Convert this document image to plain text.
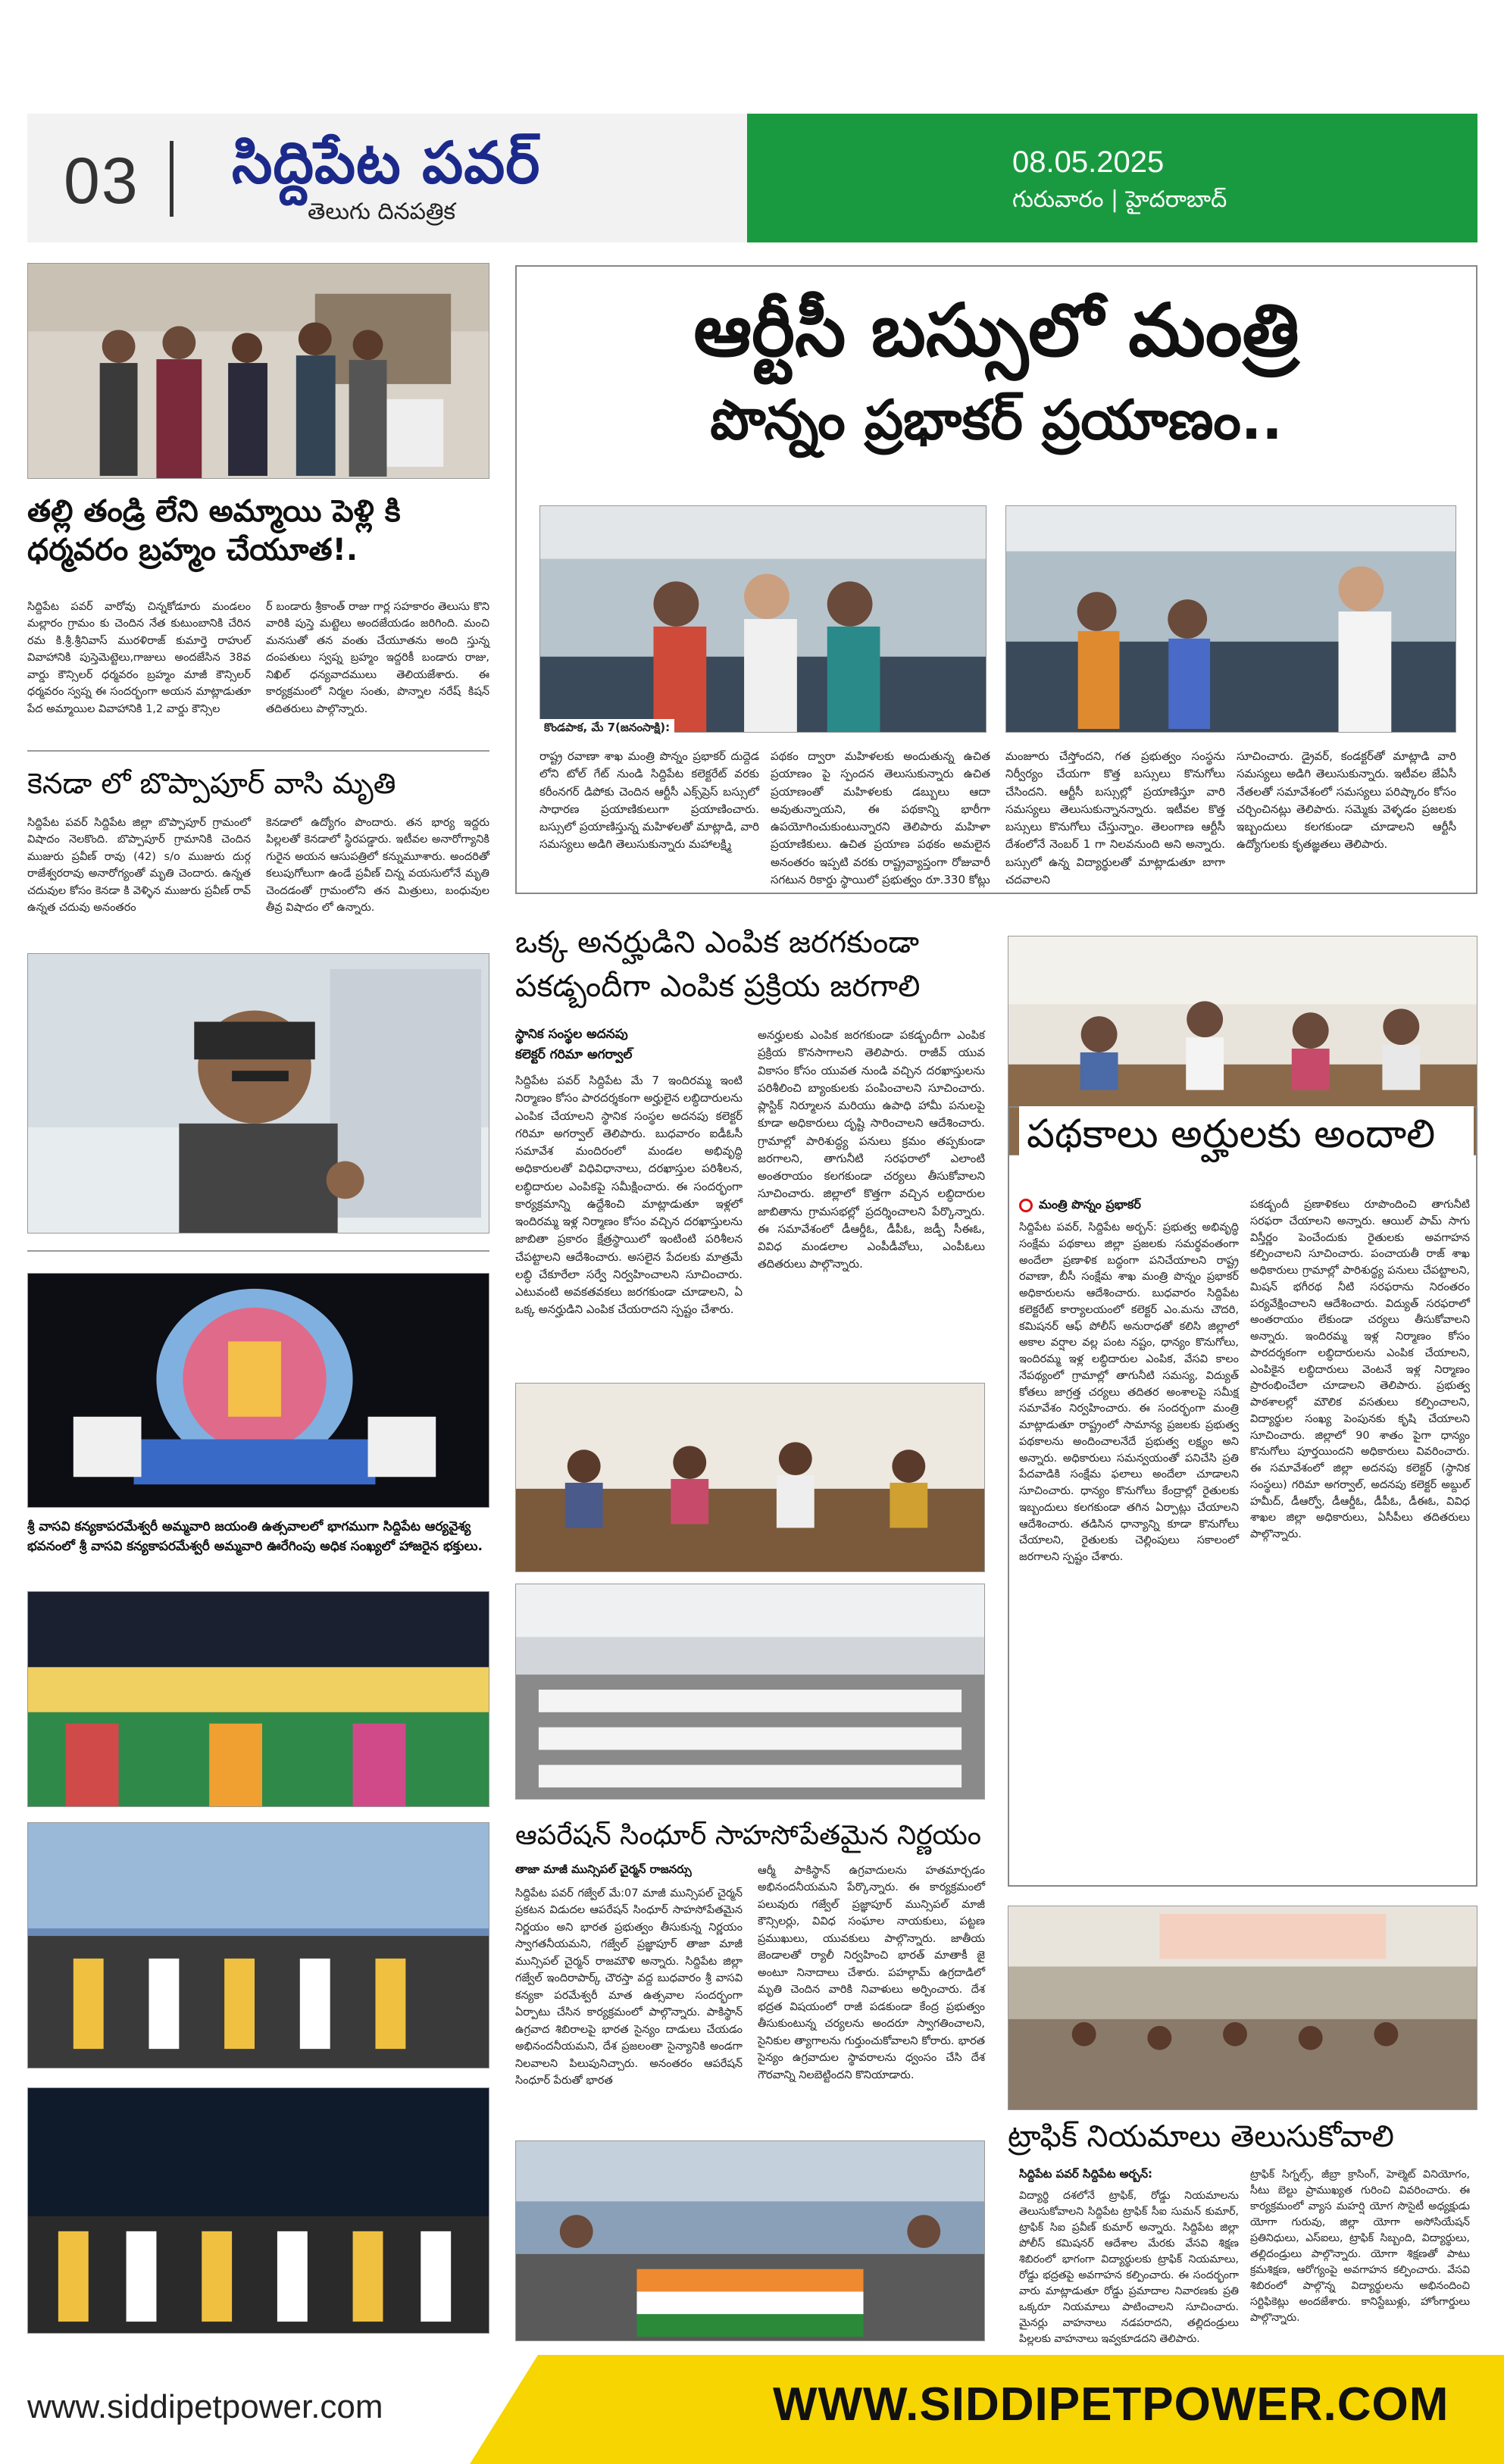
03 సిద్దిపేట పవర్
తెలుగు దినపత్రిక
08.05.2025
గురువారం | హైదరాబాద్
తల్లి తండ్రి లేని అమ్మాయి పెళ్లి కి ధర్మవరం బ్రహ్మం చేయూత!.
సిద్దిపేట పవర్ వారోవు చిన్నకోడూరు మండలం మల్లారం గ్రామం కు చెందిన నేత కుటుంబానికి చేరిన రమ కి.శ్రీ.శ్రీనివాస్ మురళిరాజ్ కుమార్తె రాహుల్ వివాహానికి పుస్తెమెట్టెలు,గాజులు అందజేసిన 38వ వార్డు కౌన్సిలర్ ధర్మవరం బ్రహ్మం మాజీ కౌన్సిలర్ ధర్మవరం స్వప్న ఈ సందర్భంగా అయన మాట్లాడుతూ పేద అమ్మాయిల వివాహానికి 1,2 వార్డు కౌన్సిల
ర్ బండారు శ్రీకాంత్ రాజు గార్ల సహకారం తెలుసు కొని వారికి పుస్తె మట్టెలు అందజేయడం జరిగింది. మంచి మనసుతో తన వంతు చేయూతను అంది స్తున్న దంపతులు స్వప్న బ్రహ్మం ఇద్దరికీ బండారు రాజు, నిఖిల్ ధన్యవాదములు తెలియజేశారు. ఈ కార్యక్రమంలో నిర్మల సంతు, పొన్నాల నరేష్ కిషన్ తదితరులు పాల్గొన్నారు.
కెనడా లో బొప్పాపూర్ వాసి మృతి
సిద్దిపేట పవర్ సిద్దిపేట జిల్లా బొప్పాపూర్ గ్రామంలో విషాదం నెలకొంది. బొప్పాపూర్ గ్రామానికి చెందిన ముజురు ప్రవీణ్ రావు (42) s/o ముజురు దుర్గ రాజేశ్వరరావు అనారోగ్యంతో మృతి చెందారు. ఉన్నత చదువుల కోసం కెనడా కి వెళ్ళిన ముజురు ప్రవీణ్ రావ్ ఉన్నత చదువు అనంతరం
కెనడాలో ఉద్యోగం పొందారు. తన భార్య ఇద్దరు పిల్లలతో కెనడాలో స్థిరపడ్డారు. ఇటీవల అనారోగ్యానికి గురైన అయన ఆసుపత్రిలో కన్నుమూశారు. అందరితో కలుపుగోలుగా ఉండే ప్రవీణ్ చిన్న వయసులోనే మృతి చెందడంతో గ్రామంలోని తన మిత్రులు, బంధువుల తీవ్ర విషాదం లో ఉన్నారు.
శ్రీ వాసవి కన్యకాపరమేశ్వరీ అమ్మవారి జయంతి ఉత్సవాలలో భాగముగా సిద్దిపేట ఆర్యవైశ్య భవనంలో శ్రీ వాసవి కన్యకాపరమేశ్వరీ అమ్మవారి ఊరేగింపు అధిక సంఖ్యలో హాజరైన భక్తులు.
ఆర్టీసీ బస్సులో మంత్రి
పొన్నం ప్రభాకర్ ప్రయాణం..
కొండపాక, మే 7(జనంసాక్షి):
రాష్ట్ర రవాణా శాఖ మంత్రి పొన్నం ప్రభాకర్ దుద్దెడ లోని టోల్ గేట్ నుండి సిద్దిపేట కలెక్టరేట్ వరకు కరీంనగర్ డిపోకు చెందిన ఆర్టీసీ ఎక్స్‌ప్రెస్ బస్సులో సాధారణ ప్రయాణికులుగా ప్రయాణించారు. బస్సులో ప్రయాణిస్తున్న మహిళలతో మాట్లాడి, వారి సమస్యలు అడిగి తెలుసుకున్నారు మహాలక్ష్మి
పథకం ద్వారా మహిళలకు అందుతున్న ఉచిత ప్రయాణం పై స్పందన తెలుసుకున్నారు ఉచిత ప్రయాణంతో మహిళలకు డబ్బులు ఆదా అవుతున్నాయని, ఈ పథకాన్ని భారీగా ఉపయోగించుకుంటున్నారని తెలిపారు మహిళా ప్రయాణికులు. ఉచిత ప్రయాణ పథకం అమలైన అనంతరం ఇప్పటి వరకు రాష్ట్రవ్యాప్తంగా రోజువారీ సగటున రికార్డు స్థాయిలో ప్రభుత్వం రూ.330 కోట్లు
మంజూరు చేస్తోందని, గత ప్రభుత్వం సంస్థను నిర్వీర్యం చేయగా కొత్త బస్సులు కొనుగోలు చేసిందని. ఆర్టీసీ బస్సుల్లో ప్రయాణిస్తూ వారి సమస్యలు తెలుసుకున్నానన్నారు. ఇటీవల కొత్త బస్సులు కొనుగోలు చేస్తున్నాం. తెలంగాణ ఆర్టీసీ దేశంలోనే నెంబర్ 1 గా నిలవనుంది అని అన్నారు. బస్సులో ఉన్న విద్యార్థులతో మాట్లాడుతూ బాగా చదవాలని
సూచించారు. డ్రైవర్, కండక్టర్‌తో మాట్లాడి వారి సమస్యలు అడిగి తెలుసుకున్నారు. ఇటీవల జేఏసీ నేతలతో సమావేశంలో సమస్యలు పరిష్కారం కోసం చర్చించినట్లు తెలిపారు. సమ్మెకు వెళ్ళడం ప్రజలకు ఇబ్బందులు కలగకుండా చూడాలని ఆర్టీసీ ఉద్యోగులకు కృతజ్ఞతలు తెలిపారు.
ఒక్క అనర్హుడిని ఎంపిక జరగకుండా పకడ్బందీగా ఎంపిక ప్రక్రియ జరగాలి
స్థానిక సంస్థల అదనపు
కలెక్టర్ గరిమా అగర్వాల్
సిద్దిపేట పవర్ సిద్దిపేట మే 7 ఇందిరమ్మ ఇంటి నిర్మాణం కోసం పారదర్శకంగా అర్హులైన లబ్ధిదారులను ఎంపిక చేయాలని స్థానిక సంస్థల అదనపు కలెక్టర్ గరిమా అగర్వాల్ తెలిపారు. బుధవారం ఐడీఓసీ సమావేశ మందిరంలో మండల అభివృద్ధి అధికారులతో విధివిధానాలు, దరఖాస్తుల పరిశీలన, లబ్ధిదారుల ఎంపికపై సమీక్షించారు. ఈ సందర్భంగా కార్యక్రమాన్ని ఉద్దేశించి మాట్లాడుతూ ఇళ్లలో ఇందిరమ్మ ఇళ్ల నిర్మాణం కోసం వచ్చిన దరఖాస్తులను జాబితా ప్రకారం క్షేత్రస్థాయిలో ఇంటింటి పరిశీలన చేపట్టాలని ఆదేశించారు. అసలైన పేదలకు మాత్రమే లబ్ధి చేకూరేలా సర్వే నిర్వహించాలని సూచించారు. ఎటువంటి అవకతవకలు జరగకుండా చూడాలని, ఏ ఒక్క అనర్హుడిని ఎంపిక చేయరాదని స్పష్టం చేశారు.
అనర్హులకు ఎంపిక జరగకుండా పకడ్బందీగా ఎంపిక ప్రక్రియ కొనసాగాలని తెలిపారు. రాజీవ్ యువ వికాసం కోసం యువత నుండి వచ్చిన దరఖాస్తులను పరిశీలించి బ్యాంకులకు పంపించాలని సూచించారు. ప్లాస్టిక్ నిర్మూలన మరియు ఉపాధి హామీ పనులపై కూడా అధికారులు దృష్టి సారించాలని ఆదేశించారు. గ్రామాల్లో పారిశుద్ధ్య పనులు క్రమం తప్పకుండా జరగాలని, తాగునీటి సరఫరాలో ఎలాంటి అంతరాయం కలగకుండా చర్యలు తీసుకోవాలని సూచించారు. జిల్లాలో కొత్తగా వచ్చిన లబ్ధిదారుల జాబితాను గ్రామసభల్లో ప్రదర్శించాలని పేర్కొన్నారు. ఈ సమావేశంలో డీఆర్డీఓ, డీపీఓ, జడ్పీ సీఈఓ, వివిధ మండలాల ఎంపీడీవోలు, ఎంపీఓలు తదితరులు పాల్గొన్నారు.
ఆపరేషన్ సింధూర్ సాహసోపేతమైన నిర్ణయం
తాజా మాజీ మున్సిపల్ చైర్మన్ రాజనర్సు
సిద్దిపేట పవర్ గజ్వేల్ మే:07 మాజీ మున్సిపల్ చైర్మన్ ప్రకటన విడుదల ఆపరేషన్ సింధూర్ సాహసోపేతమైన నిర్ణయం అని భారత ప్రభుత్వం తీసుకున్న నిర్ణయం స్వాగతనీయమని, గజ్వేల్ ప్రజ్ఞాపూర్ తాజా మాజీ మున్సిపల్ చైర్మన్ రాజమౌళి అన్నారు. సిద్దిపేట జిల్లా గజ్వేల్ ఇందిరాపార్క్ చౌరస్తా వద్ద బుధవారం శ్రీ వాసవి కన్యకా పరమేశ్వరీ మాత ఉత్సవాల సందర్భంగా ఏర్పాటు చేసిన కార్యక్రమంలో పాల్గొన్నారు. పాకిస్థాన్ ఉగ్రవాద శిబిరాలపై భారత సైన్యం దాడులు చేయడం అభినందనీయమని, దేశ ప్రజలంతా సైన్యానికి అండగా నిలవాలని పిలుపునిచ్చారు. అనంతరం ఆపరేషన్ సింధూర్ పేరుతో భారత
ఆర్మీ పాకిస్థాన్ ఉగ్రవాదులను హతమార్చడం అభినందనీయమని పేర్కొన్నారు. ఈ కార్యక్రమంలో పలువురు గజ్వేల్ ప్రజ్ఞాపూర్ మున్సిపల్ మాజీ కౌన్సిలర్లు, వివిధ సంఘాల నాయకులు, పట్టణ ప్రముఖులు, యువకులు పాల్గొన్నారు. జాతీయ జెండాలతో ర్యాలీ నిర్వహించి భారత్ మాతాకీ జై అంటూ నినాదాలు చేశారు. పహల్గామ్ ఉగ్రదాడిలో మృతి చెందిన వారికి నివాళులు అర్పించారు. దేశ భద్రత విషయంలో రాజీ పడకుండా కేంద్ర ప్రభుత్వం తీసుకుంటున్న చర్యలను అందరూ స్వాగతించాలని, సైనికుల త్యాగాలను గుర్తుంచుకోవాలని కోరారు. భారత సైన్యం ఉగ్రవాదుల స్థావరాలను ధ్వంసం చేసి దేశ గౌరవాన్ని నిలబెట్టిందని కొనియాడారు.
పథకాలు అర్హులకు అందాలి
మంత్రి పొన్నం ప్రభాకర్
సిద్దిపేట పవర్, సిద్దిపేట అర్బన్: ప్రభుత్వ అభివృద్ధి సంక్షేమ పథకాలు జిల్లా ప్రజలకు సమర్థవంతంగా అందేలా ప్రణాళిక బద్ధంగా పనిచేయాలని రాష్ట్ర రవాణా, బీసీ సంక్షేమ శాఖ మంత్రి పొన్నం ప్రభాకర్ అధికారులను ఆదేశించారు. బుధవారం సిద్దిపేట కలెక్టరేట్ కార్యాలయంలో కలెక్టర్ ఎం.మను చౌదరి, కమిషనర్ ఆఫ్ పోలీస్ అనురాధతో కలిసి జిల్లాలో అకాల వర్షాల వల్ల పంట నష్టం, ధాన్యం కొనుగోలు, ఇందిరమ్మ ఇళ్ల లబ్ధిదారుల ఎంపిక, వేసవి కాలం నేపథ్యంలో గ్రామాల్లో తాగునీటి సమస్య, విద్యుత్ కోతలు జాగ్రత్త చర్యలు తదితర అంశాలపై సమీక్ష సమావేశం నిర్వహించారు. ఈ సందర్భంగా మంత్రి మాట్లాడుతూ రాష్ట్రంలో సామాన్య ప్రజలకు ప్రభుత్వ పథకాలను అందించాలనేదే ప్రభుత్వ లక్ష్యం అని అన్నారు. అధికారులు సమన్వయంతో పనిచేసి ప్రతి పేదవాడికి సంక్షేమ ఫలాలు అందేలా చూడాలని సూచించారు. ధాన్యం కొనుగోలు కేంద్రాల్లో రైతులకు ఇబ్బందులు కలగకుండా తగిన ఏర్పాట్లు చేయాలని ఆదేశించారు. తడిసిన ధాన్యాన్ని కూడా కొనుగోలు చేయాలని, రైతులకు చెల్లింపులు సకాలంలో జరగాలని స్పష్టం చేశారు.
పకడ్బందీ ప్రణాళికలు రూపొందించి తాగునీటి సరఫరా చేయాలని అన్నారు. ఆయిల్ పామ్ సాగు విస్తీర్ణం పెంచేందుకు రైతులకు అవగాహన కల్పించాలని సూచించారు. పంచాయతీ రాజ్ శాఖ అధికారులు గ్రామాల్లో పారిశుద్ధ్య పనులు చేపట్టాలని, మిషన్ భగీరథ నీటి సరఫరాను నిరంతరం పర్యవేక్షించాలని ఆదేశించారు. విద్యుత్ సరఫరాలో అంతరాయం లేకుండా చర్యలు తీసుకోవాలని అన్నారు. ఇందిరమ్మ ఇళ్ల నిర్మాణం కోసం పారదర్శకంగా లబ్ధిదారులను ఎంపిక చేయాలని, ఎంపికైన లబ్ధిదారులు వెంటనే ఇళ్ల నిర్మాణం ప్రారంభించేలా చూడాలని తెలిపారు. ప్రభుత్వ పాఠశాలల్లో మౌలిక వసతులు కల్పించాలని, విద్యార్థుల సంఖ్య పెంపునకు కృషి చేయాలని సూచించారు. జిల్లాలో 90 శాతం పైగా ధాన్యం కొనుగోలు పూర్తయిందని అధికారులు వివరించారు. ఈ సమావేశంలో జిల్లా అదనపు కలెక్టర్ (స్థానిక సంస్థలు) గరిమా అగర్వాల్, అదనపు కలెక్టర్ అబ్దుల్ హమీద్, డీఆర్వో, డీఆర్డీఓ, డీపీఓ, డీఈఓ, వివిధ శాఖల జిల్లా అధికారులు, ఏసీపీలు తదితరులు పాల్గొన్నారు.
ట్రాఫిక్ నియమాలు తెలుసుకోవాలి
సిద్దిపేట పవర్ సిద్దిపేట అర్బన్:
విద్యార్థి దశలోనే ట్రాఫిక్, రోడ్డు నియమాలను తెలుసుకోవాలని సిద్దిపేట ట్రాఫిక్ సీఐ సుమన్ కుమార్, ట్రాఫిక్ సిఐ ప్రవీణ్ కుమార్ అన్నారు. సిద్దిపేట జిల్లా పోలీస్ కమిషనర్ ఆదేశాల మేరకు వేసవి శిక్షణ శిబిరంలో భాగంగా విద్యార్థులకు ట్రాఫిక్ నియమాలు, రోడ్డు భద్రతపై అవగాహన కల్పించారు. ఈ సందర్భంగా వారు మాట్లాడుతూ రోడ్డు ప్రమాదాల నివారణకు ప్రతి ఒక్కరూ నియమాలు పాటించాలని సూచించారు. మైనర్లు వాహనాలు నడపరాదని, తల్లిదండ్రులు పిల్లలకు వాహనాలు ఇవ్వకూడదని తెలిపారు.
ట్రాఫిక్ సిగ్నల్స్, జీబ్రా క్రాసింగ్, హెల్మెట్ వినియోగం, సీటు బెల్టు ప్రాముఖ్యత గురించి వివరించారు. ఈ కార్యక్రమంలో వ్యాస మహర్షి యోగ సొసైటీ అధ్యక్షుడు యోగా గురువు, జిల్లా యోగా అసోసియేషన్ ప్రతినిధులు, ఎస్ఐలు, ట్రాఫిక్ సిబ్బంది, విద్యార్థులు, తల్లిదండ్రులు పాల్గొన్నారు. యోగా శిక్షణతో పాటు క్రమశిక్షణ, ఆరోగ్యంపై అవగాహన కల్పించారు. వేసవి శిబిరంలో పాల్గొన్న విద్యార్థులను అభినందించి సర్టిఫికెట్లు అందజేశారు. కానిస్టేబుళ్లు, హోంగార్డులు పాల్గొన్నారు.
www.siddipetpower.com	WWW.SIDDIPETPOWER.COM
